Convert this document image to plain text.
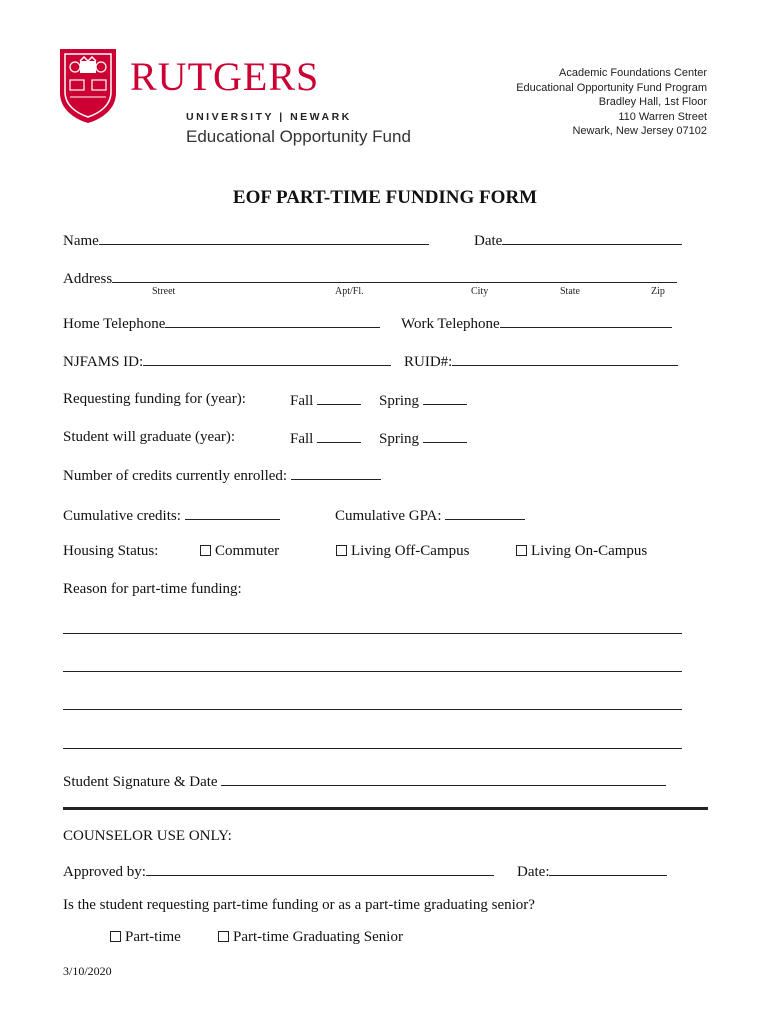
RUTGERS
UNIVERSITY | NEWARK
Educational Opportunity Fund
Academic Foundations Center
Educational Opportunity Fund Program
Bradley Hall, 1st Floor
110 Warren Street
Newark, New Jersey 07102
EOF PART-TIME FUNDING FORM
Name	Date
Address
Street	Apt/Fl.	City	State	Zip
Home Telephone	Work Telephone
NJFAMS ID:	RUID#:
Requesting funding for (year):	Fall	Spring
Student will graduate (year):	Fall	Spring
Number of credits currently enrolled:
Cumulative credits:	Cumulative GPA:
Housing Status:	Commuter	Living Off-Campus	Living On-Campus
Reason for part-time funding:
Student Signature & Date
COUNSELOR USE ONLY:
Approved by:	Date:
Is the student requesting part-time funding or as a part-time graduating senior?
Part-time	Part-time Graduating Senior
3/10/2020
